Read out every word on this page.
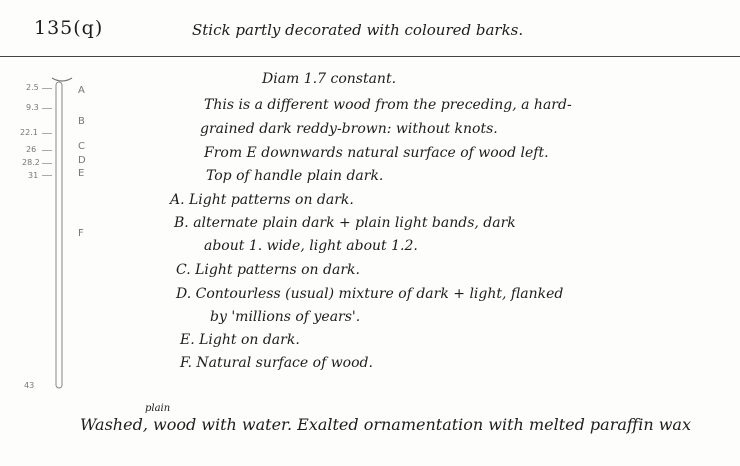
135(q)	Stick partly decorated with coloured barks.
2.5
9.3
22.1
26
28.2
31
43
A
B
C
D
E
F
Diam 1.7 constant.
This is a different wood from the preceding, a hard-
grained dark reddy-brown: without knots.
From E downwards natural surface of wood left.
Top of handle plain dark.
A. Light patterns on dark.
B. alternate plain dark + plain light bands, dark
about 1. wide, light about 1.2.
C. Light patterns on dark.
D. Contourless (usual) mixture of dark + light, flanked
by 'millions of years'.
E. Light on dark.
F. Natural surface of wood.
plain
Washed, wood with water. Exalted ornamentation with melted paraffin wax
